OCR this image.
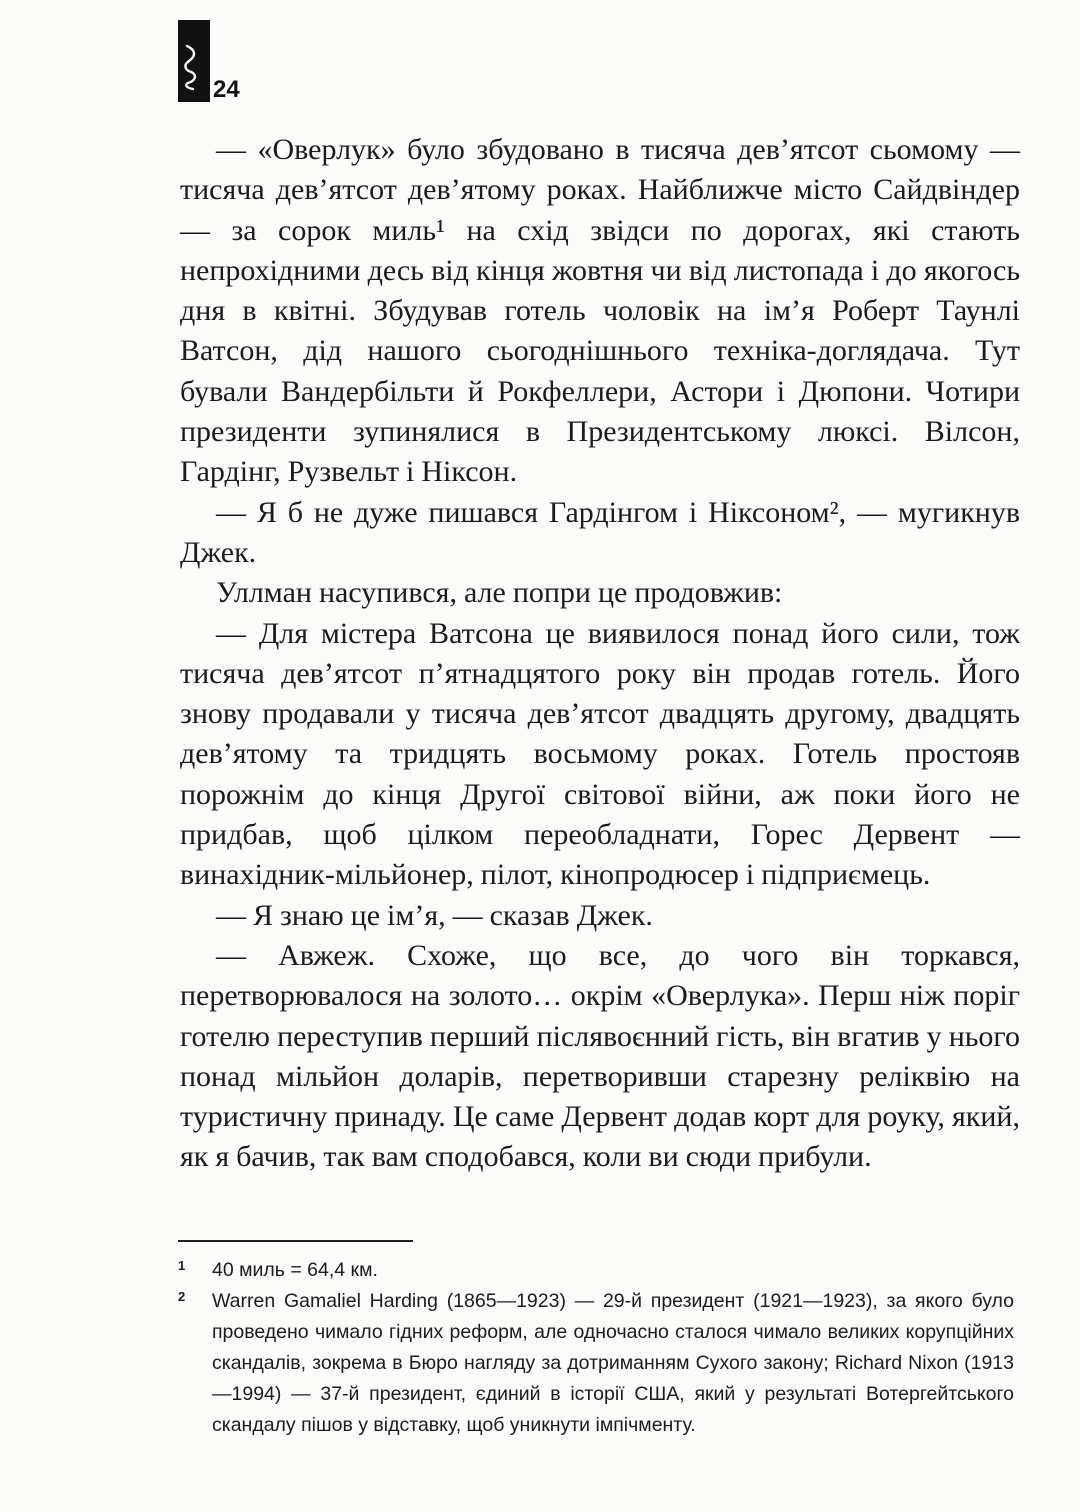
24

— «Оверлук» було збудовано в тисяча дев’ятсот сьомому — тисяча дев’ятсот дев’ятому роках. Найближче місто Сайдвіндер — за сорок миль¹ на схід звідси по дорогах, які стають непрохідними десь від кінця жовтня чи від листопада і до якогось дня в квітні. Збудував готель чоловік на ім’я Роберт Таунлі Ватсон, дід нашого сьогоднішнього техніка-доглядача. Тут бували Вандербільти й Рокфеллери, Астори і Дюпони. Чотири президенти зупинялися в Президентському люксі. Вілсон, Гардінг, Рузвельт і Ніксон.

— Я б не дуже пишався Гардінгом і Ніксоном², — мугикнув Джек.

Уллман насупився, але попри це продовжив:

— Для містера Ватсона це виявилося понад його сили, тож тисяча дев’ятсот п’ятнадцятого року він продав готель. Його знову продавали у тисяча дев’ятсот двадцять другому, двадцять дев’ятому та тридцять восьмому роках. Готель простояв порожнім до кінця Другої світової війни, аж поки його не придбав, щоб цілком переобладнати, Горес Дервент — винахідник-мільйонер, пілот, кінопродюсер і підприємець.

— Я знаю це ім’я, — сказав Джек.

— Авжеж. Схоже, що все, до чого він торкався, перетворювалося на золото… окрім «Оверлука». Перш ніж поріг готелю переступив перший післявоєнний гість, він вгатив у нього понад мільйон доларів, перетворивши старезну реліквію на туристичну принаду. Це саме Дервент додав корт для роуку, який, як я бачив, так вам сподобався, коли ви сюди прибули.

1	40 миль = 64,4 км.
2	Warren Gamaliel Harding (1865—1923) — 29-й президент (1921—1923), за якого було проведено чимало гідних реформ, але одночасно сталося чимало великих корупційних скандалів, зокрема в Бюро нагляду за дотриманням Сухого закону; Richard Nixon (1913—1994) — 37-й президент, єдиний в історії США, який у результаті Вотергейтського скандалу пішов у відставку, щоб уникнути імпічменту.
